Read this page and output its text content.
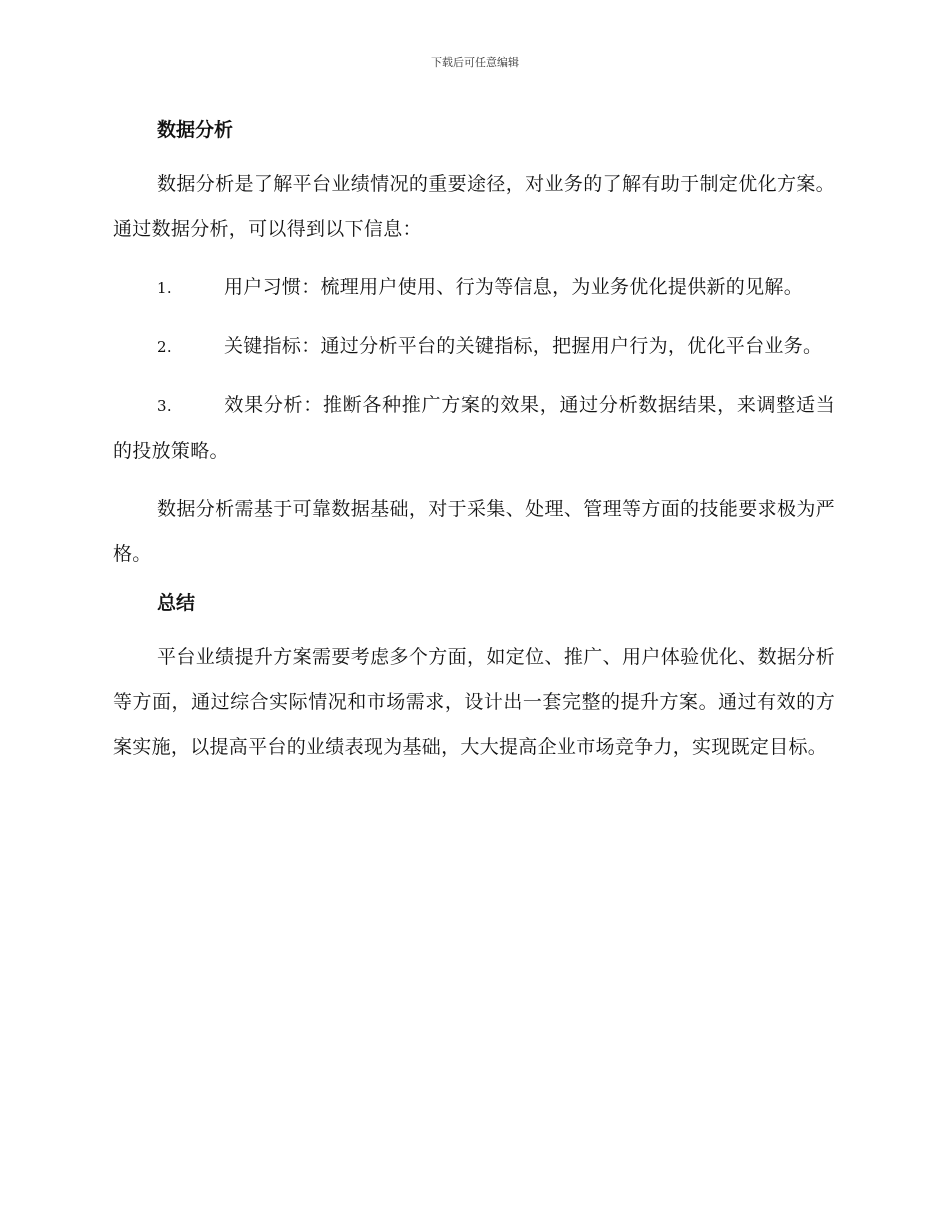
下载后可任意编辑
数据分析

数据分析是了解平台业绩情况的重要途径，对业务的了解有助于制定优化方案。通过数据分析，可以得到以下信息：

1.	用户习惯：梳理用户使用、行为等信息，为业务优化提供新的见解。

2.	关键指标：通过分析平台的关键指标，把握用户行为，优化平台业务。

3.	效果分析：推断各种推广方案的效果，通过分析数据结果，来调整适当的投放策略。

数据分析需基于可靠数据基础，对于采集、处理、管理等方面的技能要求极为严格。

总结

平台业绩提升方案需要考虑多个方面，如定位、推广、用户体验优化、数据分析等方面，通过综合实际情况和市场需求，设计出一套完整的提升方案。通过有效的方案实施，以提高平台的业绩表现为基础，大大提高企业市场竞争力，实现既定目标。
